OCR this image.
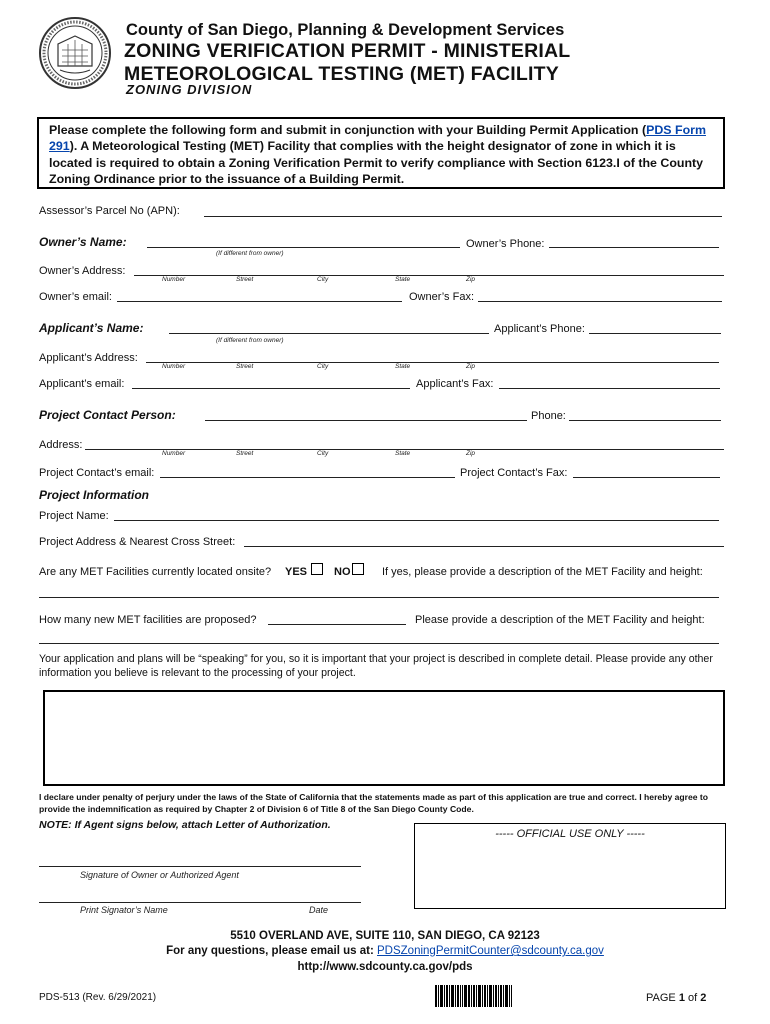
County of San Diego, Planning & Development Services
ZONING VERIFICATION PERMIT - MINISTERIAL
METEOROLOGICAL TESTING (MET) FACILITY
ZONING DIVISION
Please complete the following form and submit in conjunction with your Building Permit Application (PDS Form 291). A Meteorological Testing (MET) Facility that complies with the height designator of zone in which it is located is required to obtain a Zoning Verification Permit to verify compliance with Section 6123.I of the County Zoning Ordinance prior to the issuance of a Building Permit.
Assessor’s Parcel No (APN):
Owner’s Name:	Owner’s Phone:
(If different from owner)
Owner’s Address:
Number	Street	City	State	Zip
Owner’s email:	Owner’s Fax:
Applicant’s Name:	Applicant’s Phone:
(If different from owner)
Applicant’s Address:
Number	Street	City	State	Zip
Applicant’s email:	Applicant’s Fax:
Project Contact Person:	Phone:
Address:
Number	Street	City	State	Zip
Project Contact’s email:	Project Contact’s Fax:
Project Information
Project Name:
Project Address & Nearest Cross Street:
Are any MET Facilities currently located onsite? YES NO	If yes, please provide a description of the MET Facility and height:
How many new MET facilities are proposed?	Please provide a description of the MET Facility and height:
Your application and plans will be “speaking” for you, so it is important that your project is described in complete detail. Please provide any other information you believe is relevant to the processing of your project.
I declare under penalty of perjury under the laws of the State of California that the statements made as part of this application are true and correct. I hereby agree to provide the indemnification as required by Chapter 2 of Division 6 of Title 8 of the San Diego County Code.
NOTE: If Agent signs below, attach Letter of Authorization.
----- OFFICIAL USE ONLY -----
Signature of Owner or Authorized Agent
Print Signator’s Name	Date
5510 OVERLAND AVE, SUITE 110, SAN DIEGO, CA 92123
For any questions, please email us at: PDSZoningPermitCounter@sdcounty.ca.gov
http://www.sdcounty.ca.gov/pds
PDS-513 (Rev. 6/29/2021)	PAGE 1 of 2
